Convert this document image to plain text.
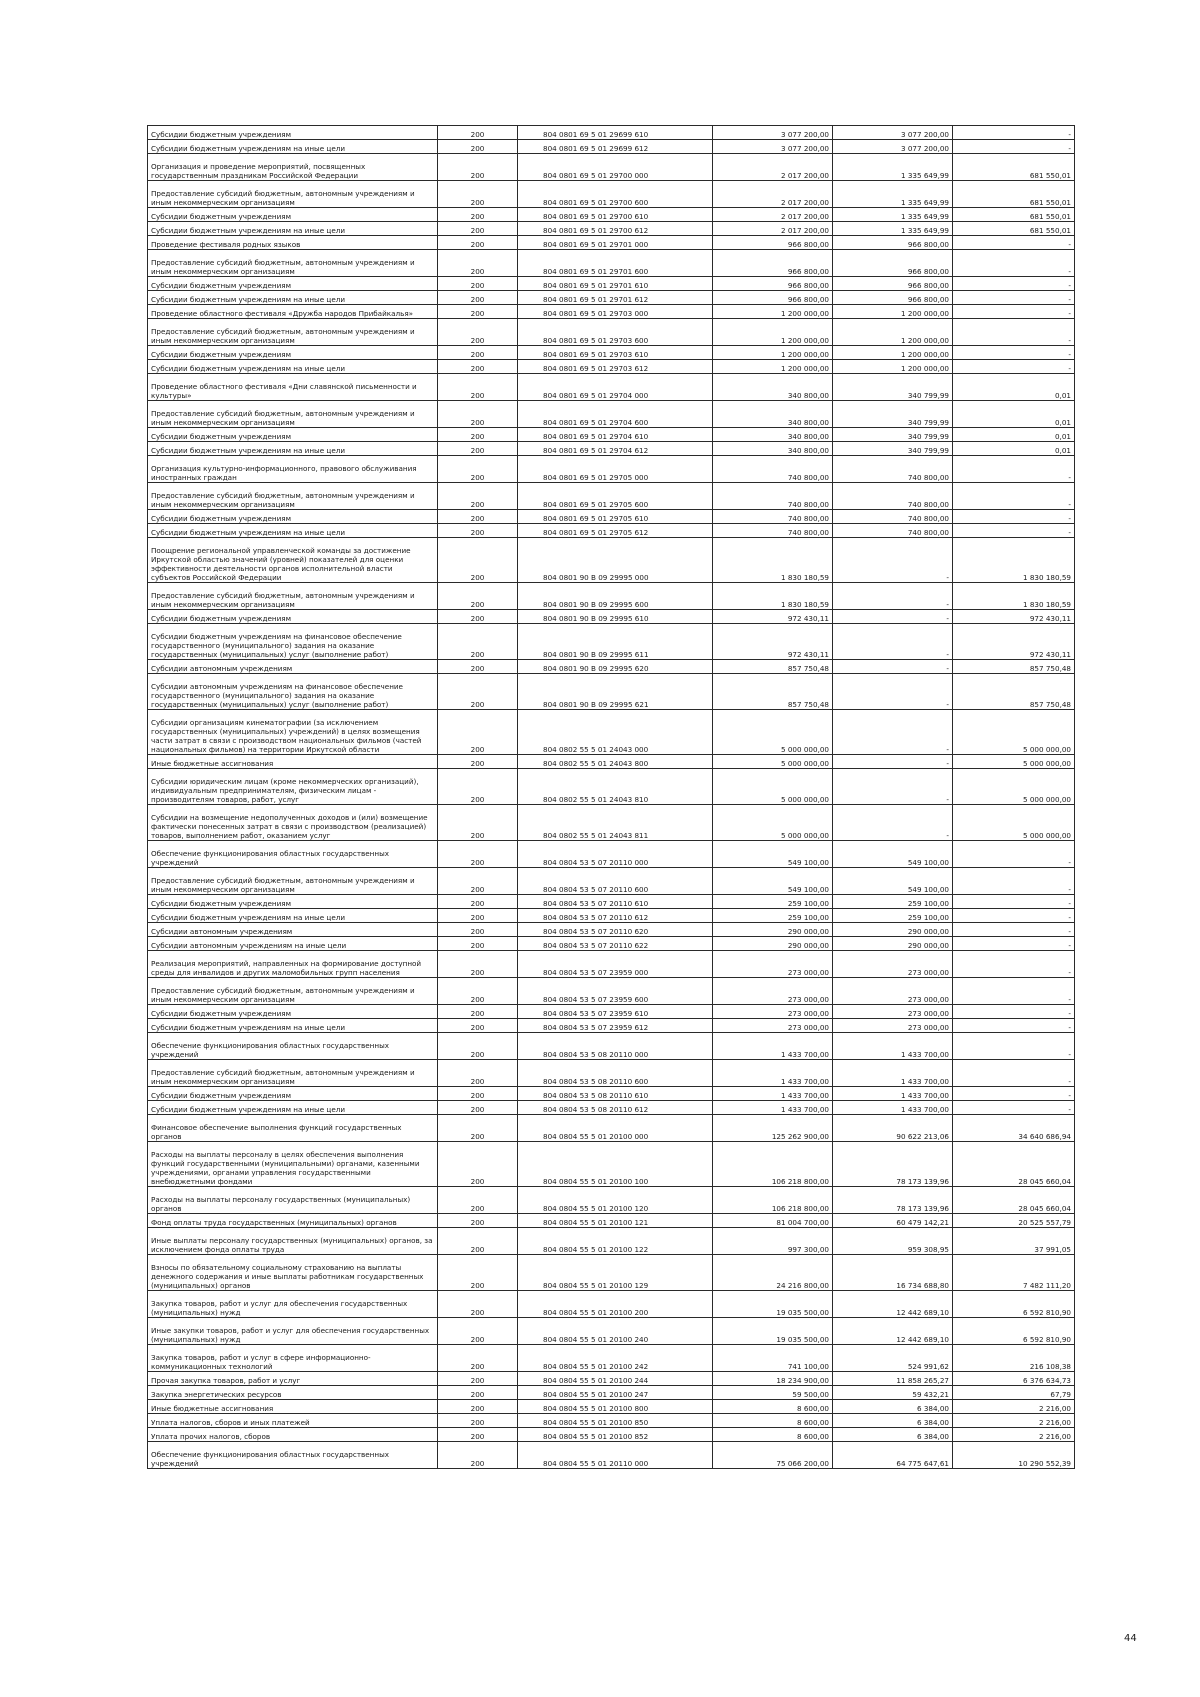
Субсидии бюджетным учреждениям	200	804 0801 69 5 01 29699 610	3 077 200,00	3 077 200,00	-
Субсидии бюджетным учреждениям на иные цели	200	804 0801 69 5 01 29699 612	3 077 200,00	3 077 200,00	-
Организация и проведение мероприятий, посвященных государственным праздникам Российской Федерации	200	804 0801 69 5 01 29700 000	2 017 200,00	1 335 649,99	681 550,01
Предоставление субсидий бюджетным, автономным учреждениям и иным некоммерческим организациям	200	804 0801 69 5 01 29700 600	2 017 200,00	1 335 649,99	681 550,01
Субсидии бюджетным учреждениям	200	804 0801 69 5 01 29700 610	2 017 200,00	1 335 649,99	681 550,01
Субсидии бюджетным учреждениям на иные цели	200	804 0801 69 5 01 29700 612	2 017 200,00	1 335 649,99	681 550,01
Проведение фестиваля родных языков	200	804 0801 69 5 01 29701 000	966 800,00	966 800,00	-
Предоставление субсидий бюджетным, автономным учреждениям и иным некоммерческим организациям	200	804 0801 69 5 01 29701 600	966 800,00	966 800,00	-
Субсидии бюджетным учреждениям	200	804 0801 69 5 01 29701 610	966 800,00	966 800,00	-
Субсидии бюджетным учреждениям на иные цели	200	804 0801 69 5 01 29701 612	966 800,00	966 800,00	-
Проведение областного фестиваля «Дружба народов Прибайкалья»	200	804 0801 69 5 01 29703 000	1 200 000,00	1 200 000,00	-
Предоставление субсидий бюджетным, автономным учреждениям и иным некоммерческим организациям	200	804 0801 69 5 01 29703 600	1 200 000,00	1 200 000,00	-
Субсидии бюджетным учреждениям	200	804 0801 69 5 01 29703 610	1 200 000,00	1 200 000,00	-
Субсидии бюджетным учреждениям на иные цели	200	804 0801 69 5 01 29703 612	1 200 000,00	1 200 000,00	-
Проведение областного фестиваля «Дни славянской письменности и культуры»	200	804 0801 69 5 01 29704 000	340 800,00	340 799,99	0,01
Предоставление субсидий бюджетным, автономным учреждениям и иным некоммерческим организациям	200	804 0801 69 5 01 29704 600	340 800,00	340 799,99	0,01
Субсидии бюджетным учреждениям	200	804 0801 69 5 01 29704 610	340 800,00	340 799,99	0,01
Субсидии бюджетным учреждениям на иные цели	200	804 0801 69 5 01 29704 612	340 800,00	340 799,99	0,01
Организация культурно-информационного, правового обслуживания иностранных граждан	200	804 0801 69 5 01 29705 000	740 800,00	740 800,00	-
Предоставление субсидий бюджетным, автономным учреждениям и иным некоммерческим организациям	200	804 0801 69 5 01 29705 600	740 800,00	740 800,00	-
Субсидии бюджетным учреждениям	200	804 0801 69 5 01 29705 610	740 800,00	740 800,00	-
Субсидии бюджетным учреждениям на иные цели	200	804 0801 69 5 01 29705 612	740 800,00	740 800,00	-
Поощрение региональной управленческой команды за достижение Иркутской областью значений (уровней) показателей для оценки эффективности деятельности органов исполнительной власти субъектов Российской Федерации	200	804 0801 90 В 09 29995 000	1 830 180,59	-	1 830 180,59
Предоставление субсидий бюджетным, автономным учреждениям и иным некоммерческим организациям	200	804 0801 90 В 09 29995 600	1 830 180,59	-	1 830 180,59
Субсидии бюджетным учреждениям	200	804 0801 90 В 09 29995 610	972 430,11	-	972 430,11
Субсидии бюджетным учреждениям на финансовое обеспечение государственного (муниципального) задания на оказание государственных (муниципальных) услуг (выполнение работ)	200	804 0801 90 В 09 29995 611	972 430,11	-	972 430,11
Субсидии автономным учреждениям	200	804 0801 90 В 09 29995 620	857 750,48	-	857 750,48
Субсидии автономным учреждениям на финансовое обеспечение государственного (муниципального) задания на оказание государственных (муниципальных) услуг (выполнение работ)	200	804 0801 90 В 09 29995 621	857 750,48	-	857 750,48
Субсидии организациям кинематографии (за исключением государственных (муниципальных) учреждений) в целях возмещения части затрат в связи с производством национальных фильмов (частей национальных фильмов) на территории Иркутской области	200	804 0802 55 5 01 24043 000	5 000 000,00	-	5 000 000,00
Иные бюджетные ассигнования	200	804 0802 55 5 01 24043 800	5 000 000,00	-	5 000 000,00
Субсидии юридическим лицам (кроме некоммерческих организаций), индивидуальным предпринимателям, физическим лицам - производителям товаров, работ, услуг	200	804 0802 55 5 01 24043 810	5 000 000,00	-	5 000 000,00
Субсидии на возмещение недополученных доходов и (или) возмещение фактически понесенных затрат в связи с производством (реализацией) товаров, выполнением работ, оказанием услуг	200	804 0802 55 5 01 24043 811	5 000 000,00	-	5 000 000,00
Обеспечение функционирования областных государственных учреждений	200	804 0804 53 5 07 20110 000	549 100,00	549 100,00	-
Предоставление субсидий бюджетным, автономным учреждениям и иным некоммерческим организациям	200	804 0804 53 5 07 20110 600	549 100,00	549 100,00	-
Субсидии бюджетным учреждениям	200	804 0804 53 5 07 20110 610	259 100,00	259 100,00	-
Субсидии бюджетным учреждениям на иные цели	200	804 0804 53 5 07 20110 612	259 100,00	259 100,00	-
Субсидии автономным учреждениям	200	804 0804 53 5 07 20110 620	290 000,00	290 000,00	-
Субсидии автономным учреждениям на иные цели	200	804 0804 53 5 07 20110 622	290 000,00	290 000,00	-
Реализация мероприятий, направленных на формирование доступной среды для инвалидов и других маломобильных групп населения	200	804 0804 53 5 07 23959 000	273 000,00	273 000,00	-
Предоставление субсидий бюджетным, автономным учреждениям и иным некоммерческим организациям	200	804 0804 53 5 07 23959 600	273 000,00	273 000,00	-
Субсидии бюджетным учреждениям	200	804 0804 53 5 07 23959 610	273 000,00	273 000,00	-
Субсидии бюджетным учреждениям на иные цели	200	804 0804 53 5 07 23959 612	273 000,00	273 000,00	-
Обеспечение функционирования областных государственных учреждений	200	804 0804 53 5 08 20110 000	1 433 700,00	1 433 700,00	-
Предоставление субсидий бюджетным, автономным учреждениям и иным некоммерческим организациям	200	804 0804 53 5 08 20110 600	1 433 700,00	1 433 700,00	-
Субсидии бюджетным учреждениям	200	804 0804 53 5 08 20110 610	1 433 700,00	1 433 700,00	-
Субсидии бюджетным учреждениям на иные цели	200	804 0804 53 5 08 20110 612	1 433 700,00	1 433 700,00	-
Финансовое обеспечение выполнения функций государственных органов	200	804 0804 55 5 01 20100 000	125 262 900,00	90 622 213,06	34 640 686,94
Расходы на выплаты персоналу в целях обеспечения выполнения функций государственными (муниципальными) органами, казенными учреждениями, органами управления государственными внебюджетными фондами	200	804 0804 55 5 01 20100 100	106 218 800,00	78 173 139,96	28 045 660,04
Расходы на выплаты персоналу государственных (муниципальных) органов	200	804 0804 55 5 01 20100 120	106 218 800,00	78 173 139,96	28 045 660,04
Фонд оплаты труда государственных (муниципальных) органов	200	804 0804 55 5 01 20100 121	81 004 700,00	60 479 142,21	20 525 557,79
Иные выплаты персоналу государственных (муниципальных) органов, за исключением фонда оплаты труда	200	804 0804 55 5 01 20100 122	997 300,00	959 308,95	37 991,05
Взносы по обязательному социальному страхованию на выплаты денежного содержания и иные выплаты работникам государственных (муниципальных) органов	200	804 0804 55 5 01 20100 129	24 216 800,00	16 734 688,80	7 482 111,20
Закупка товаров, работ и услуг для обеспечения государственных (муниципальных) нужд	200	804 0804 55 5 01 20100 200	19 035 500,00	12 442 689,10	6 592 810,90
Иные закупки товаров, работ и услуг для обеспечения государственных (муниципальных) нужд	200	804 0804 55 5 01 20100 240	19 035 500,00	12 442 689,10	6 592 810,90
Закупка товаров, работ и услуг в сфере информационно-коммуникационных технологий	200	804 0804 55 5 01 20100 242	741 100,00	524 991,62	216 108,38
Прочая закупка товаров, работ и услуг	200	804 0804 55 5 01 20100 244	18 234 900,00	11 858 265,27	6 376 634,73
Закупка энергетических ресурсов	200	804 0804 55 5 01 20100 247	59 500,00	59 432,21	67,79
Иные бюджетные ассигнования	200	804 0804 55 5 01 20100 800	8 600,00	6 384,00	2 216,00
Уплата налогов, сборов и иных платежей	200	804 0804 55 5 01 20100 850	8 600,00	6 384,00	2 216,00
Уплата прочих налогов, сборов	200	804 0804 55 5 01 20100 852	8 600,00	6 384,00	2 216,00
Обеспечение функционирования областных государственных учреждений	200	804 0804 55 5 01 20110 000	75 066 200,00	64 775 647,61	10 290 552,39
44
